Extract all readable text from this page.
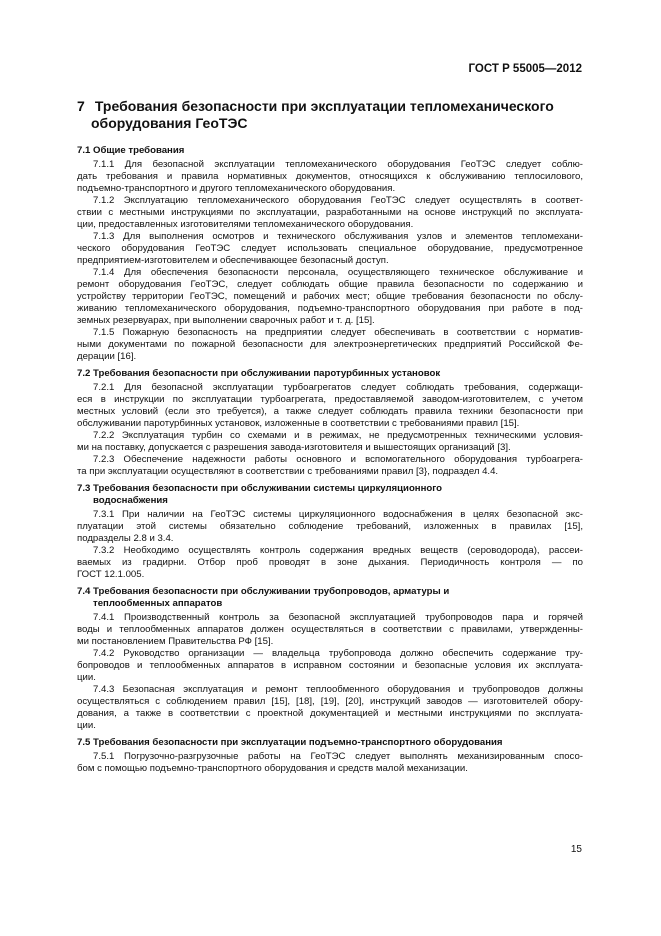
ГОСТ Р 55005—2012
7 Требования безопасности при эксплуатации тепломеханического
оборудования ГеоТЭС
7.1 Общие требования
7.1.1 Для безопасной эксплуатации тепломеханического оборудования ГеоТЭС следует соблю-
дать требования и правила нормативных документов, относящихся к обслуживанию теплосилового,
подъемно-транспортного и другого тепломеханического оборудования.
7.1.2 Эксплуатацию тепломеханического оборудования ГеоТЭС следует осуществлять в соответ-
ствии с местными инструкциями по эксплуатации, разработанными на основе инструкций по эксплуата-
ции, предоставленных изготовителями тепломеханического оборудования.
7.1.3 Для выполнения осмотров и технического обслуживания узлов и элементов тепломехани-
ческого оборудования ГеоТЭС следует использовать специальное оборудование, предусмотренное
предприятием-изготовителем и обеспечивающее безопасный доступ.
7.1.4 Для обеспечения безопасности персонала, осуществляющего техническое обслуживание и
ремонт оборудования ГеоТЭС, следует соблюдать общие правила безопасности по содержанию и
устройству территории ГеоТЭС, помещений и рабочих мест; общие требования безопасности по обслу-
живанию тепломеханического оборудования, подъемно-транспортного оборудования при работе в под-
земных резервуарах, при выполнении сварочных работ и т. д. [15].
7.1.5 Пожарную безопасность на предприятии следует обеспечивать в соответствии с норматив-
ными документами по пожарной безопасности для электроэнергетических предприятий Российской Фе-
дерации [16].
7.2 Требования безопасности при обслуживании паротурбинных установок
7.2.1 Для безопасной эксплуатации турбоагрегатов следует соблюдать требования, содержащи-
еся в инструкции по эксплуатации турбоагрегата, предоставляемой заводом-изготовителем, с учетом
местных условий (если это требуется), а также следует соблюдать правила техники безопасности при
обслуживании паротурбинных установок, изложенные в соответствии с требованиями правил [15].
7.2.2 Эксплуатация турбин со схемами и в режимах, не предусмотренных техническими условия-
ми на поставку, допускается с разрешения завода-изготовителя и вышестоящих организаций [3].
7.2.3 Обеспечение надежности работы основного и вспомогательного оборудования турбоагрега-
та при эксплуатации осуществляют в соответствии с требованиями правил [3}, подраздел 4.4.
7.3 Требования безопасности при обслуживании системы циркуляционного
водоснабжения
7.3.1 При наличии на ГеоТЭС системы циркуляционного водоснабжения в целях безопасной экс-
плуатации этой системы обязательно соблюдение требований, изложенных в правилах [15],
подразделы 2.8 и 3.4.
7.3.2 Необходимо осуществлять контроль содержания вредных веществ (сероводорода), рассеи-
ваемых из градирни. Отбор проб проводят в зоне дыхания. Периодичность контроля — по
ГОСТ 12.1.005.
7.4 Требования безопасности при обслуживании трубопроводов, арматуры и
теплообменных аппаратов
7.4.1 Производственный контроль за безопасной эксплуатацией трубопроводов пара и горячей
воды и теплообменных аппаратов должен осуществляться в соответствии с правилами, утвержденны-
ми постановлением Правительства РФ [15].
7.4.2 Руководство организации — владельца трубопровода должно обеспечить содержание тру-
бопроводов и теплообменных аппаратов в исправном состоянии и безопасные условия их эксплуата-
ции.
7.4.3 Безопасная эксплуатация и ремонт теплообменного оборудования и трубопроводов должны
осуществляться с соблюдением правил [15], [18], [19], [20], инструкций заводов — изготовителей обору-
дования, а также в соответствии с проектной документацией и местными инструкциями по эксплуата-
ции.
7.5 Требования безопасности при эксплуатации подъемно-транспортного оборудования
7.5.1 Погрузочно-разгрузочные работы на ГеоТЭС следует выполнять механизированным спосо-
бом с помощью подъемно-транспортного оборудования и средств малой механизации.
15
